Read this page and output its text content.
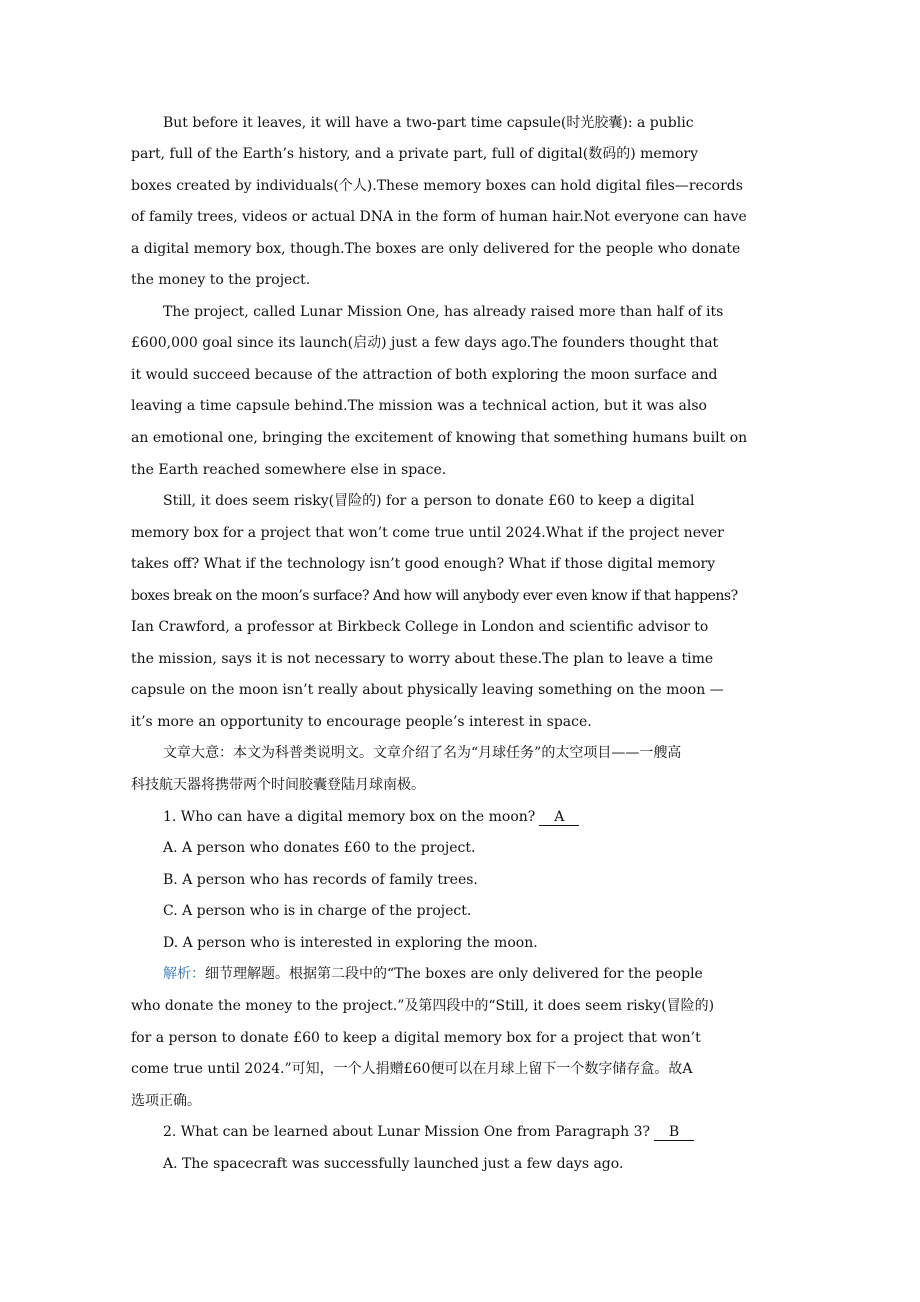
But before it leaves, it will have a two-part time capsule(时光胶囊): a public
part, full of the Earth’s history, and a private part, full of digital(数码的) memory
boxes created by individuals(个人).These memory boxes can hold digital files—records
of family trees, videos or actual DNA in the form of human hair.Not everyone can have
a digital memory box, though.The boxes are only delivered for the people who donate
the money to the project.
The project, called Lunar Mission One, has already raised more than half of its
£600,000 goal since its launch(启动) just a few days ago.The founders thought that
it would succeed because of the attraction of both exploring the moon surface and
leaving a time capsule behind.The mission was a technical action, but it was also
an emotional one, bringing the excitement of knowing that something humans built on
the Earth reached somewhere else in space.
Still, it does seem risky(冒险的) for a person to donate £60 to keep a digital
memory box for a project that won’t come true until 2024.What if the project never
takes off? What if the technology isn’t good enough? What if those digital memory
boxes break on the moon’s surface? And how will anybody ever even know if that happens?
Ian Crawford, a professor at Birkbeck College in London and scientific advisor to
the mission, says it is not necessary to worry about these.The plan to leave a time
capsule on the moon isn’t really about physically leaving something on the moon —
it’s more an opportunity to encourage people’s interest in space.
文章大意：本文为科普类说明文。文章介绍了名为“月球任务”的太空项目——一艘高
科技航天器将携带两个时间胶囊登陆月球南极。
1. Who can have a digital memory box on the moon? A
A. A person who donates £60 to the project.
B. A person who has records of family trees.
C. A person who is in charge of the project.
D. A person who is interested in exploring the moon.
解析：细节理解题。根据第二段中的“The boxes are only delivered for the people
who donate the money to the project.”及第四段中的“Still, it does seem risky(冒险的)
for a person to donate £60 to keep a digital memory box for a project that won’t
come true until 2024.”可知，一个人捐赠£60便可以在月球上留下一个数字储存盒。故A
选项正确。
2. What can be learned about Lunar Mission One from Paragraph 3? B
A. The spacecraft was successfully launched just a few days ago.
